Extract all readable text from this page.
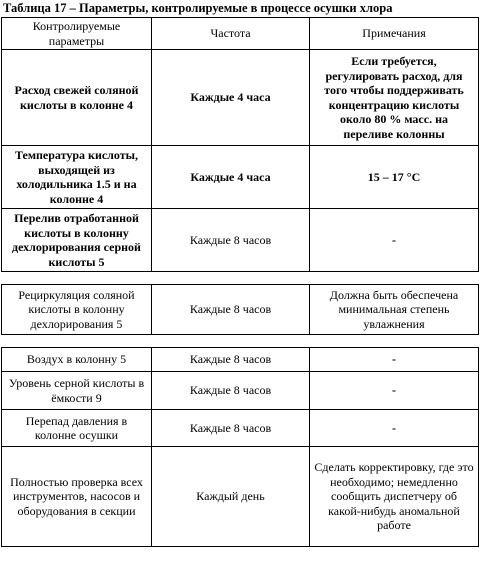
Таблица 17 – Параметры, контролируемые в процессе осушки хлора
Контролируемые параметры	Частота	Примечания
Расход свежей соляной кислоты в колонне 4	Каждые 4 часа	Если требуется, регулировать расход, для того чтобы поддерживать концентрацию кислоты около 80 % масс. на переливе колонны
Температура кислоты, выходящей из холодильника 1.5 и на колонне 4	Каждые 4 часа	15 – 17 °C
Перелив отработанной кислоты в колонну дехлорирования серной кислоты 5	Каждые 8 часов	-
Рециркуляция соляной кислоты в колонну дехлорирования 5	Каждые 8 часов	Должна быть обеспечена минимальная степень увлажнения
Воздух в колонну 5	Каждые 8 часов	-
Уровень серной кислоты в ёмкости 9	Каждые 8 часов	-
Перепад давления в колонне осушки	Каждые 8 часов	-
Полностью проверка всех инструментов, насосов и оборудования в секции	Каждый день	Сделать корректировку, где это необходимо; немедленно сообщить диспетчеру об какой-нибудь аномальной работе
